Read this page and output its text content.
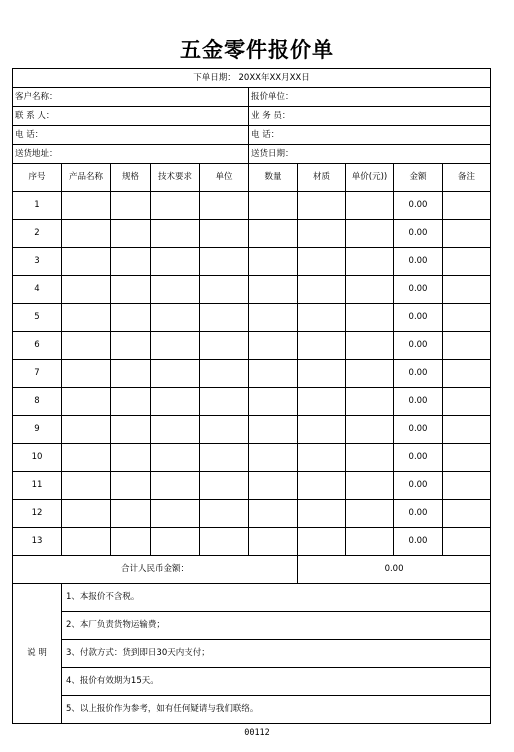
五金零件报价单
下单日期： 20XX年XX月XX日									
客户名称：					报价单位：				
联 系 人：					业 务 员：				
电 话：					电 话：				
送货地址：					送货日期：				
序号	产品名称	规格	技术要求	单位	数量	材质	单价(元))	金额	备注
1								0.00	
2								0.00	
3								0.00	
4								0.00	
5								0.00	
6								0.00	
7								0.00	
8								0.00	
9								0.00	
10								0.00	
11								0.00	
12								0.00	
13								0.00	
合计人民币金额：						0.00			
说 明	1、本报价不含税。								
	2、本厂负责货物运输费；								
	3、付款方式：货到即日30天内支付；								
	4、报价有效期为15天。								
	5、以上报价作为参考，如有任何疑请与我们联络。								
00112
